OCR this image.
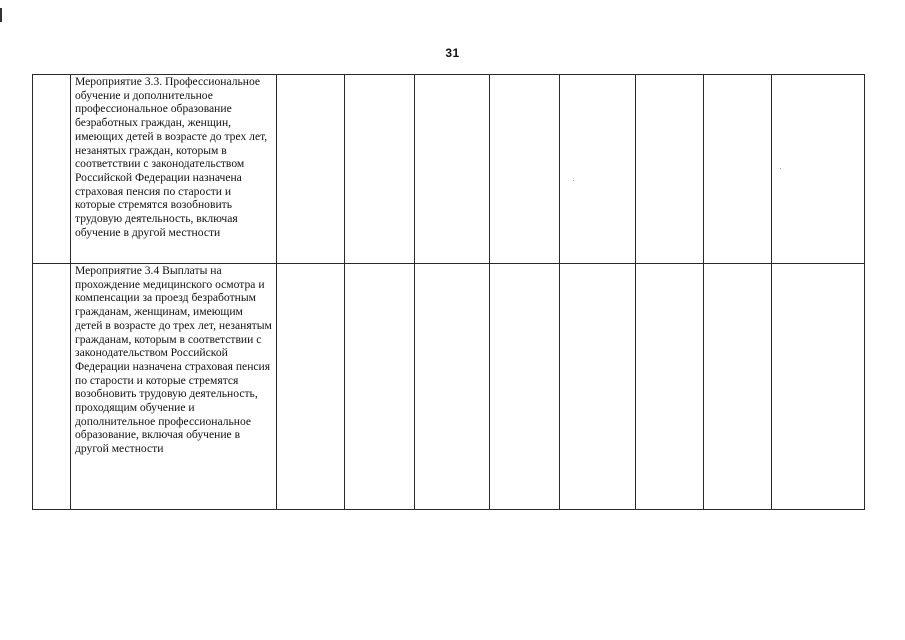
31
	Мероприятие 3.3. Профессиональное обучение и дополнительное профессиональное образование безработных граждан, женщин, имеющих детей в возрасте до трех лет, незанятых граждан, которым в соответствии с законодательством Российской Федерации назначена страховая пенсия по старости и которые стремятся возобновить трудовую деятельность, включая обучение в другой местности								
	Мероприятие 3.4 Выплаты на прохождение медицинского осмотра и компенсации за проезд безработным гражданам, женщинам, имеющим детей в возрасте до трех лет, незанятым гражданам, которым в соответствии с законодательством Российской Федерации назначена страховая пенсия по старости и которые стремятся возобновить трудовую деятельность, проходящим обучение и дополнительное профессиональное образование, включая обучение в другой местности								
